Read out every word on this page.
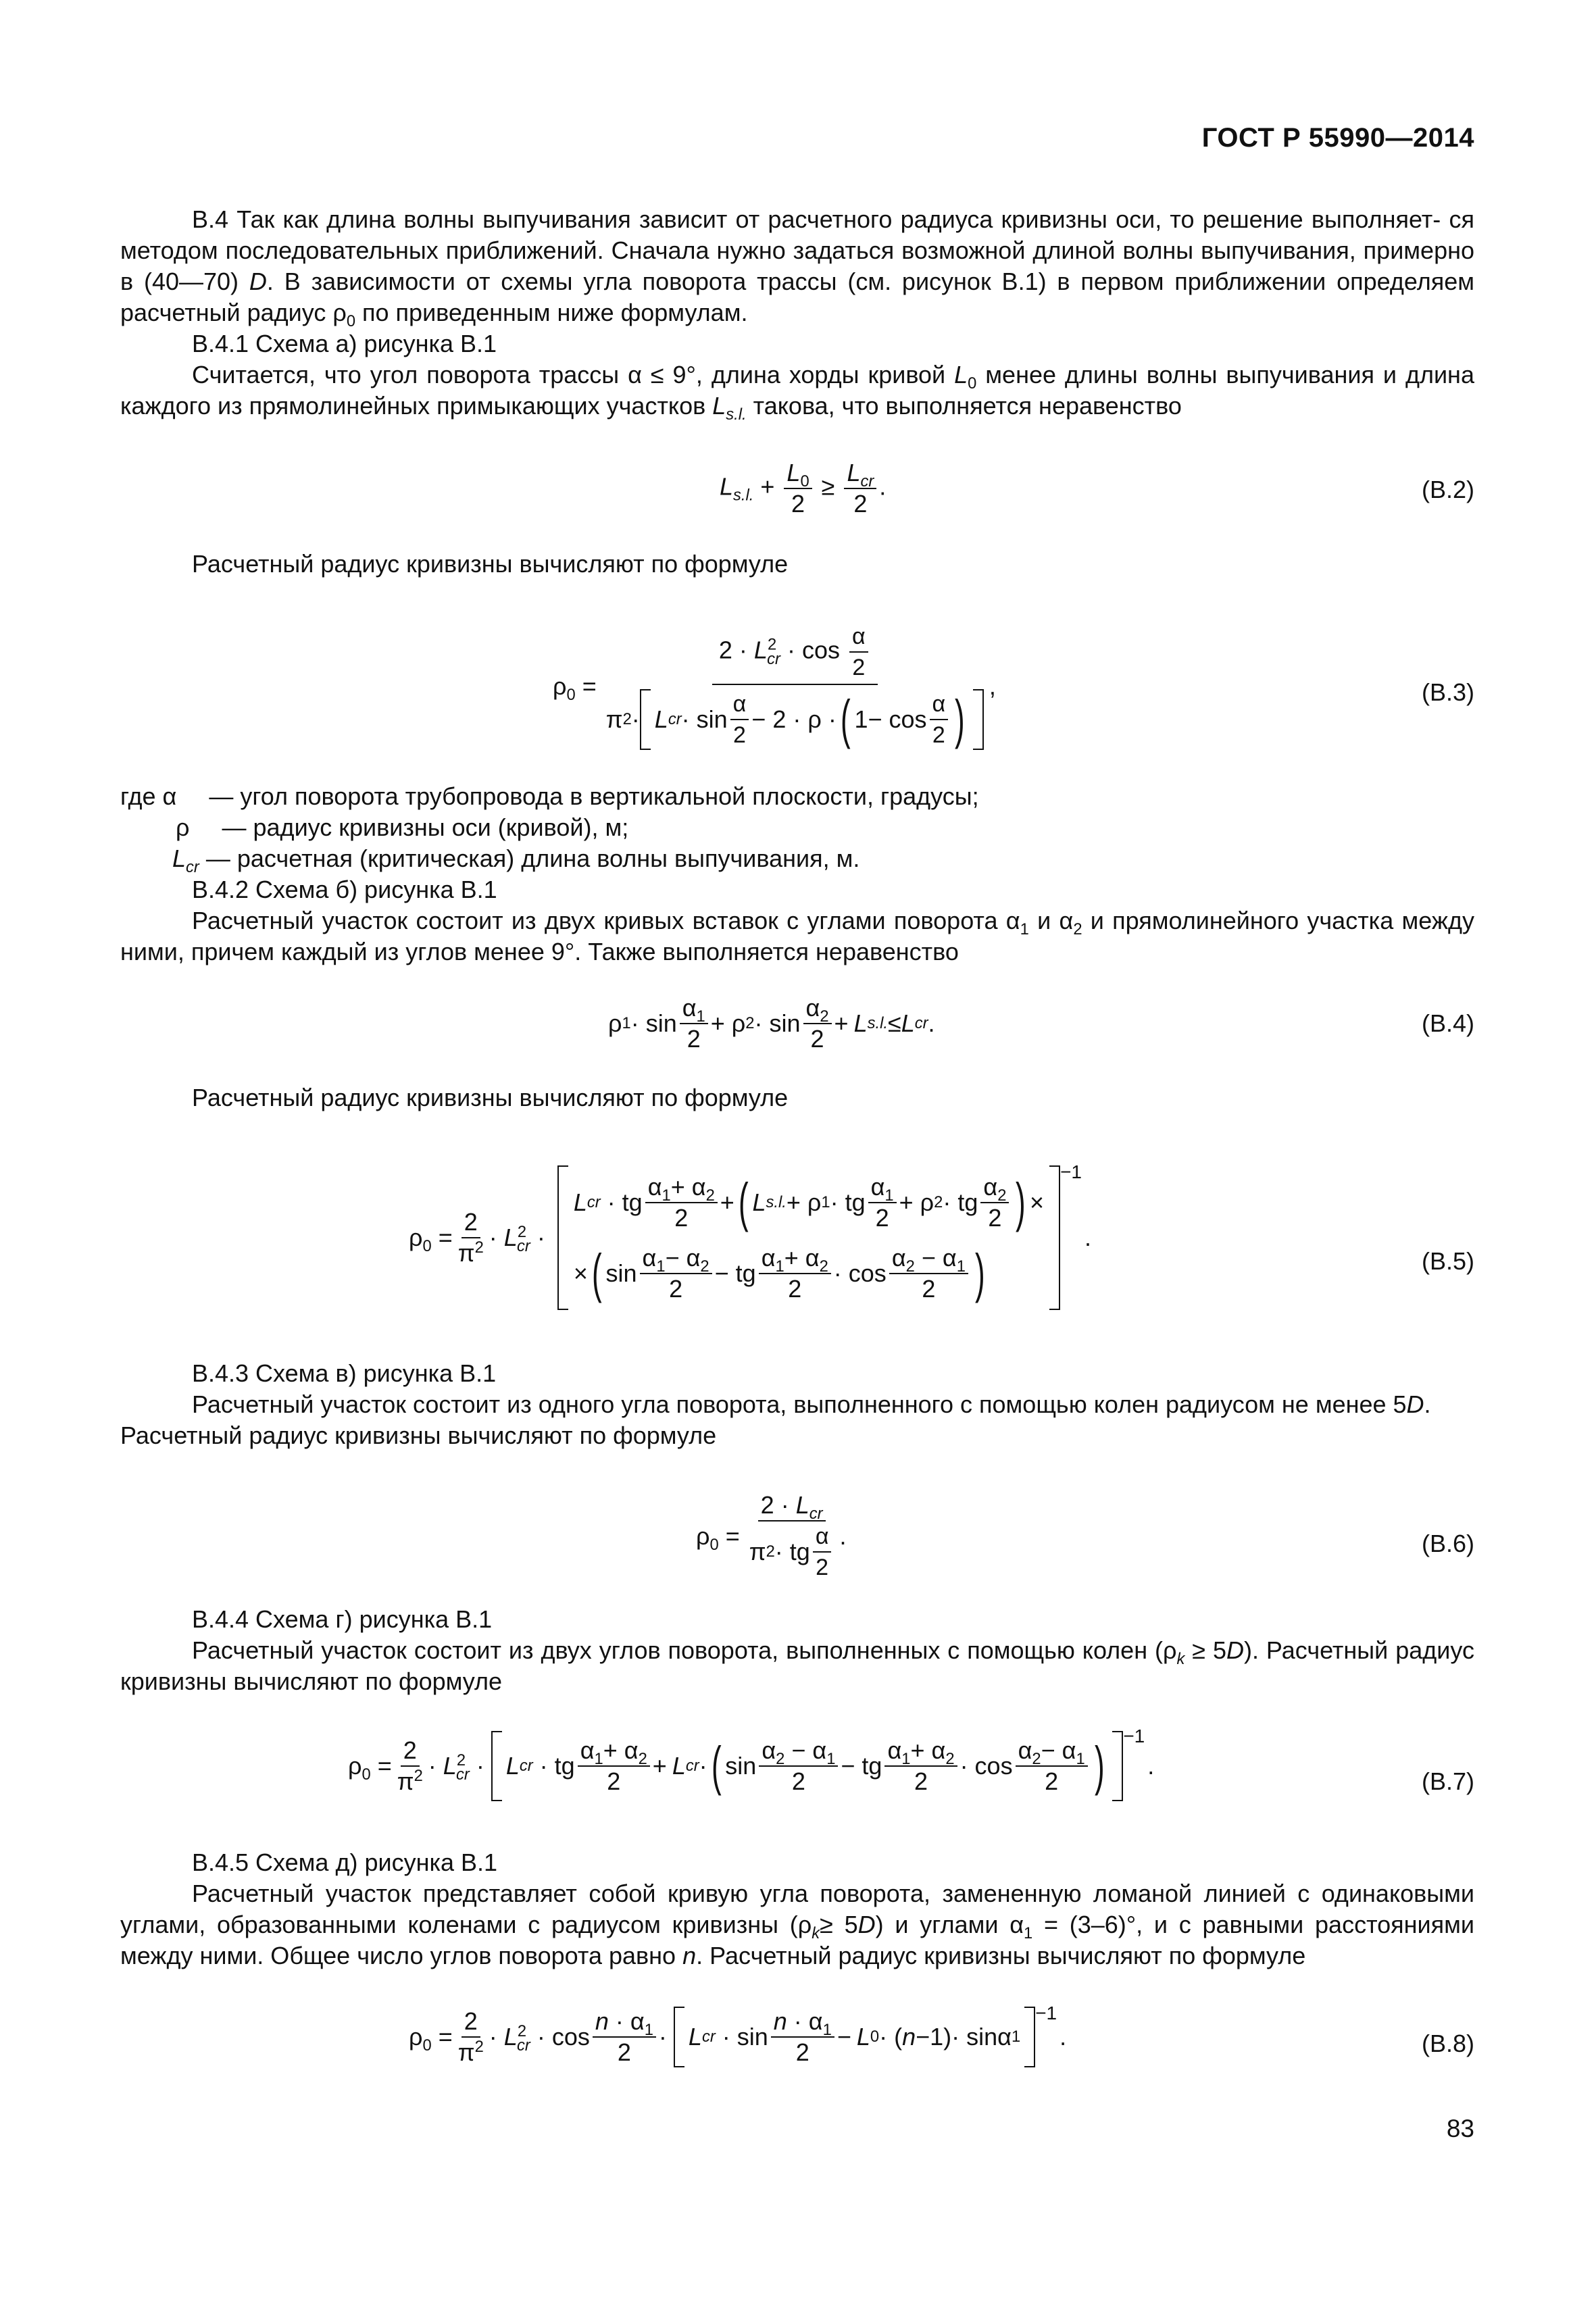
ГОСТ Р 55990—2014

В.4 Так как длина волны выпучивания зависит от расчетного радиуса кривизны оси, то решение выполняет- ся методом последовательных приближений. Сначала нужно задаться возможной длиной волны выпучивания, примерно в (40—70) D. В зависимости от схемы угла поворота трассы (см. рисунок В.1) в первом приближении определяем расчетный радиус $\rho_0$ по приведенным ниже формулам.

В.4.1 Схема а) рисунка В.1

Считается, что угол поворота трассы α ≤ 9°, длина хорды кривой $L_0$ менее длины волны выпучивания и длина каждого из прямолинейных примыкающих участков $L_{s.l.}$ такова, что выполняется неравенство

$L_{s.l.} + \frac{L_0}{2}$ ≥
$L_{cr}$
2
.	(В.2)

Расчетный радиус кривизны вычисляют по формуле

$\rho_0$ =
$2 \cdot L^2_{cr} \cdot \cos \frac{\alpha}{2}$
π 2 · L cr · sin
α
2
− 2 · ρ · ( 1− cos
α
2 )
,	(В.3)
где α — угол поворота трубопровода в вертикальной плоскости, градусы;
ρ — радиус кривизны оси (кривой), м;
$L_{cr}$ — расчетная (критическая) длина волны выпучивания, м.

В.4.2 Схема б) рисунка В.1

Расчетный участок состоит из двух кривых вставок с углами поворота $\alpha_1$ и $\alpha_2$ и прямолинейного участка между ними, причем каждый из углов менее 9°. Также выполняется неравенство

ρ 1 · sin
$\alpha_1$
2
+ ρ 2 · sin
$\alpha_2$
2
+ L s.l. ≤ L cr .	(В.4)

Расчетный радиус кривизны вычисляют по формуле

$\rho_0 = \frac{2}{\pi^2} \cdot L^2_{cr}$ ·
L cr · tg
$\alpha_1+ \alpha_2$
2
+ ( L s.l. + ρ 1 · tg
$\alpha_1$
2
+ ρ 2 · tg
$\alpha_2$
2 ) ×
× ( sin
$\alpha_1- \alpha_2$
2
− tg
$\alpha_1+ \alpha_2$
2
· cos
$\alpha_2 - \alpha_1$
2 )
−1
.
(В.5)

В.4.3 Схема в) рисунка В.1

Расчетный участок состоит из одного угла поворота, выполненного с помощью колен радиусом не менее 5D.

Расчетный радиус кривизны вычисляют по формуле

$\rho_0$ =
$2 \cdot L_{cr}$
π 2 · tg
α
2
.	(В.6)

В.4.4 Схема г) рисунка В.1

Расчетный участок состоит из двух углов поворота, выполненных с помощью колен $(\rho_k \ge 5D)$. Расчетный радиус кривизны вычисляют по формуле

$\rho_0 = \frac{2}{\pi^2} \cdot L^2_{cr} \cdot L$ cr · tg
$\alpha_1+ \alpha_2$
2
+ L cr · ( sin
$\alpha_2 - \alpha_1$
2
− tg
$\alpha_1+ \alpha_2$
2
· cos
$\alpha_2- \alpha_1$
2 ) −1
.
(В.7)

В.4.5 Схема д) рисунка В.1

Расчетный участок представляет собой кривую угла поворота, замененную ломаной линией с одинаковыми углами, образованными коленами с радиусом кривизны $(\rho_k\ge 5D)$ и углами $\alpha_1 = (3-6)^\circ$, и с равными расстояниями между ними. Общее число углов поворота равно n. Расчетный радиус кривизны вычисляют по формуле

$\rho_0 = \frac{2}{\pi^2} \cdot L^2_{cr} \cdot \cos$
$n \cdot \alpha_1$
2
· L cr · sin
$n \cdot \alpha_1$
2
− L 0 · ( n −1)· sinα 1
−1
.	(В.8)
83
